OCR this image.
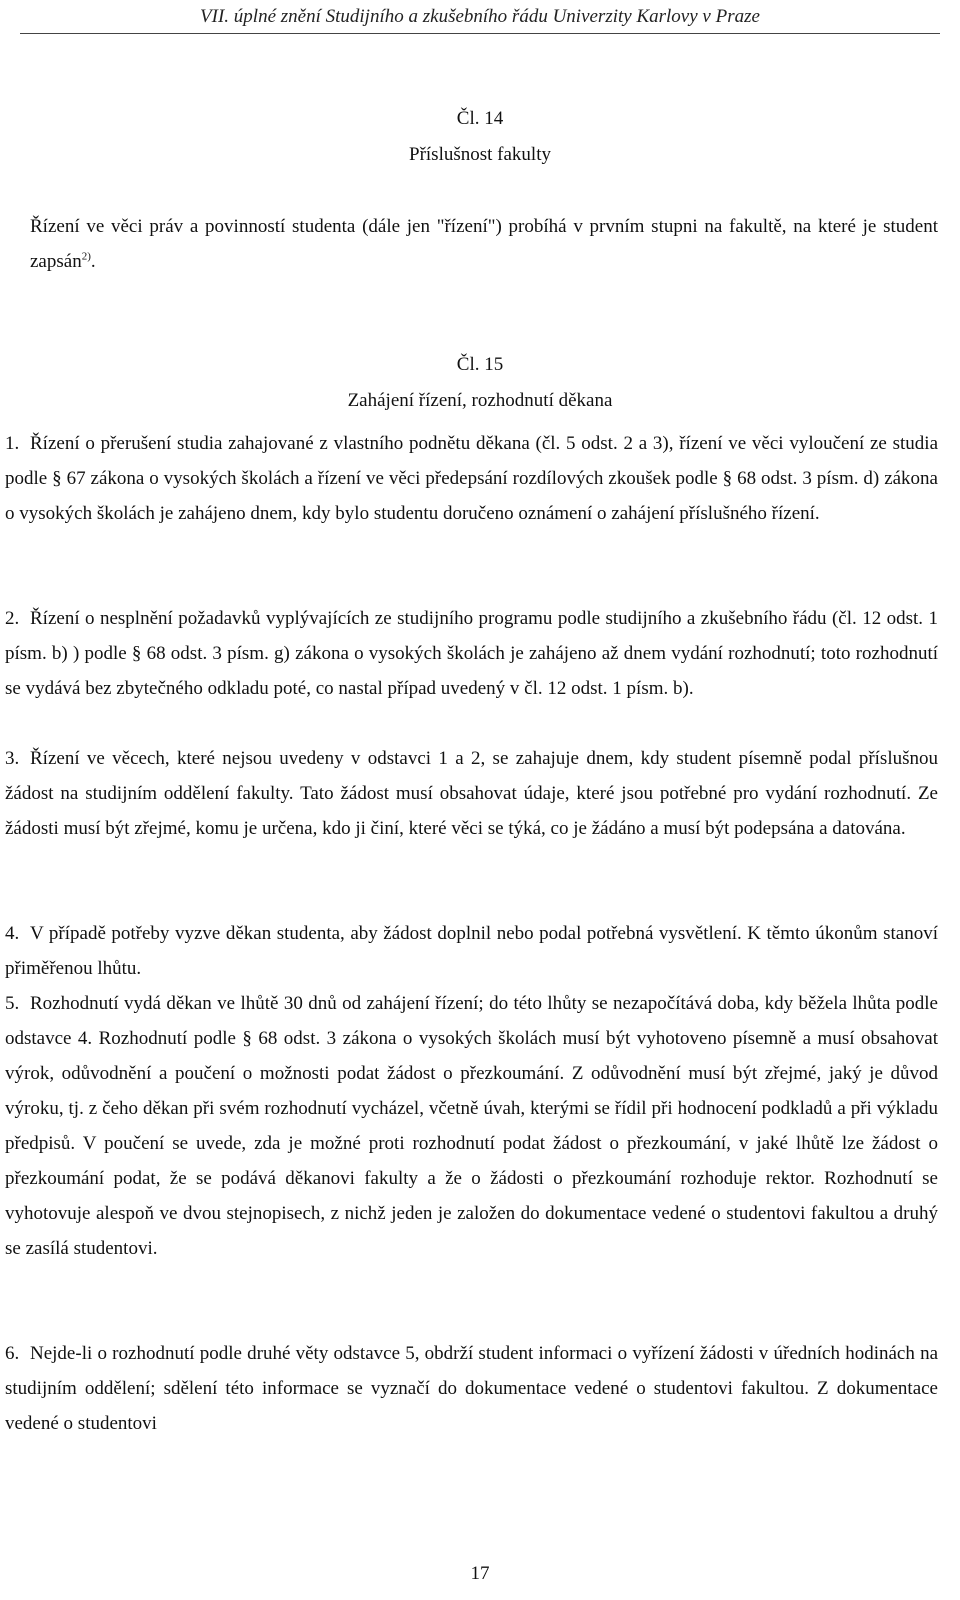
VII. úplné znění Studijního a zkušebního řádu Univerzity Karlovy v Praze
Čl. 14
Příslušnost fakulty

Řízení ve věci práv a povinností studenta (dále jen "řízení") probíhá v prvním stupni na fakultě, na které je student zapsán$^{2)}$.

Čl. 15
Zahájení řízení, rozhodnutí děkana

1. Řízení o přerušení studia zahajované z vlastního podnětu děkana (čl. 5 odst. 2 a 3), řízení ve věci vyloučení ze studia podle § 67 zákona o vysokých školách a řízení ve věci předepsání rozdílových zkoušek podle § 68 odst. 3 písm. d) zákona o vysokých školách je zahájeno dnem, kdy bylo studentu doručeno oznámení o zahájení příslušného řízení.

2. Řízení o nesplnění požadavků vyplývajících ze studijního programu podle studijního a zkušebního řádu (čl. 12 odst. 1 písm. b) ) podle § 68 odst. 3 písm. g) zákona o vysokých školách je zahájeno až dnem vydání rozhodnutí; toto rozhodnutí se vydává bez zbytečného odkladu poté, co nastal případ uvedený v čl. 12 odst. 1 písm. b).

3. Řízení ve věcech, které nejsou uvedeny v odstavci 1 a 2, se zahajuje dnem, kdy student písemně podal příslušnou žádost na studijním oddělení fakulty. Tato žádost musí obsahovat údaje, které jsou potřebné pro vydání rozhodnutí. Ze žádosti musí být zřejmé, komu je určena, kdo ji činí, které věci se týká, co je žádáno a musí být podepsána a datována.

4. V případě potřeby vyzve děkan studenta, aby žádost doplnil nebo podal potřebná vysvětlení. K těmto úkonům stanoví přiměřenou lhůtu.

5. Rozhodnutí vydá děkan ve lhůtě 30 dnů od zahájení řízení; do této lhůty se nezapočítává doba, kdy běžela lhůta podle odstavce 4. Rozhodnutí podle § 68 odst. 3 zákona o vysokých školách musí být vyhotoveno písemně a musí obsahovat výrok, odůvodnění a poučení o možnosti podat žádost o přezkoumání. Z odůvodnění musí být zřejmé, jaký je důvod výroku, tj. z čeho děkan při svém rozhodnutí vycházel, včetně úvah, kterými se řídil při hodnocení podkladů a při výkladu předpisů. V poučení se uvede, zda je možné proti rozhodnutí podat žádost o přezkoumání, v jaké lhůtě lze žádost o přezkoumání podat, že se podává děkanovi fakulty a že o žádosti o přezkoumání rozhoduje rektor. Rozhodnutí se vyhotovuje alespoň ve dvou stejnopisech, z nichž jeden je založen do dokumentace vedené o studentovi fakultou a druhý se zasílá studentovi.

6. Nejde-li o rozhodnutí podle druhé věty odstavce 5, obdrží student informaci o vyřízení žádosti v úředních hodinách na studijním oddělení; sdělení této informace se vyznačí do dokumentace vedené o studentovi fakultou. Z dokumentace vedené o studentovi

17
